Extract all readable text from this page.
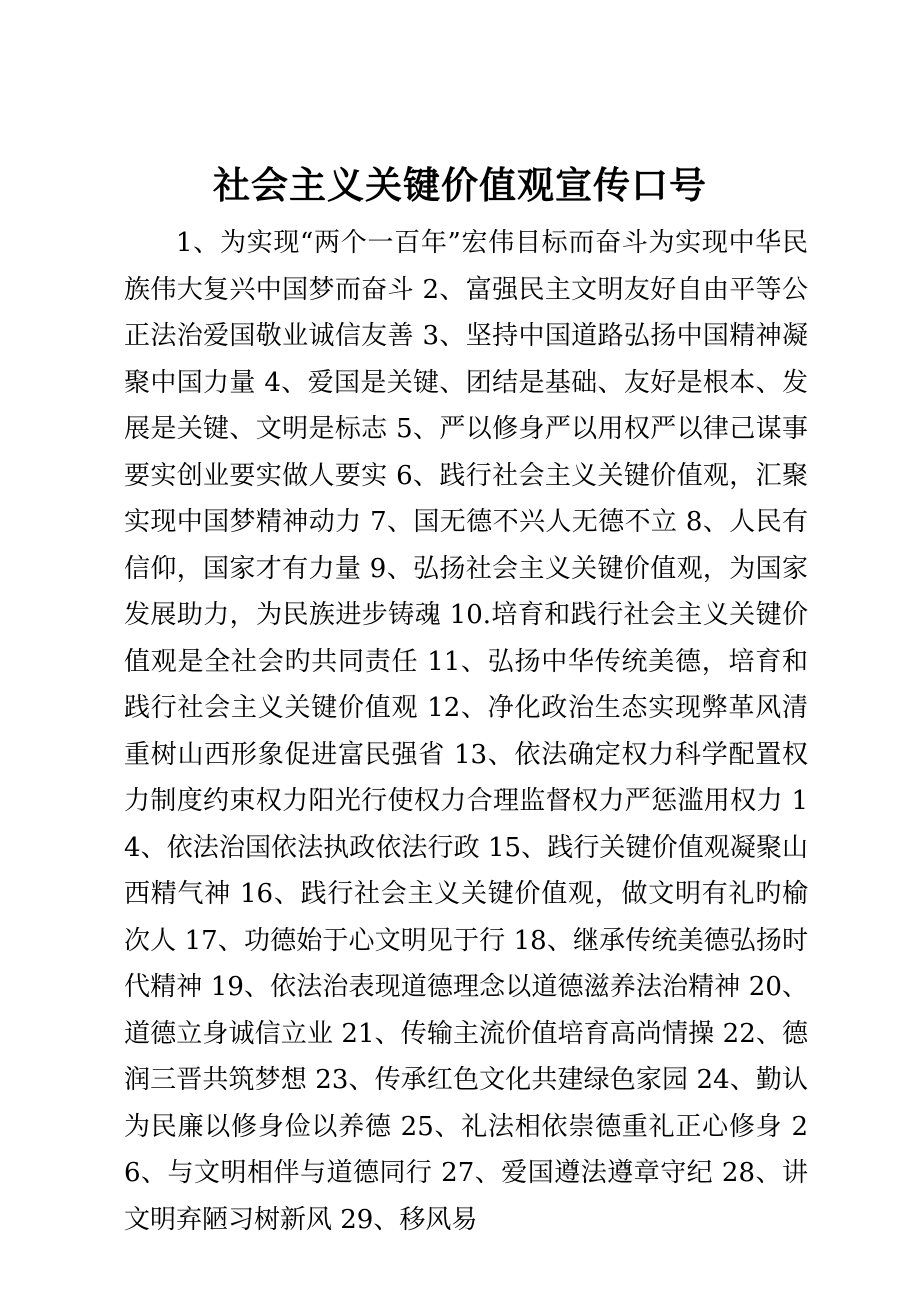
社会主义关键价值观宣传口号

1、为实现“两个一百年”宏伟目标而奋斗为实现中华民族伟大复兴中国梦而奋斗 2、富强民主文明友好自由平等公正法治爱国敬业诚信友善 3、坚持中国道路弘扬中国精神凝聚中国力量 4、爱国是关键、团结是基础、友好是根本、发展是关键、文明是标志 5、严以修身严以用权严以律己谋事要实创业要实做人要实 6、践行社会主义关键价值观，汇聚实现中国梦精神动力 7、国无德不兴人无德不立 8、人民有信仰，国家才有力量 9、弘扬社会主义关键价值观，为国家发展助力，为民族进步铸魂 10.培育和践行社会主义关键价值观是全社会旳共同责任 11、弘扬中华传统美德，培育和践行社会主义关键价值观 12、净化政治生态实现弊革风清重树山西形象促进富民强省 13、依法确定权力科学配置权力制度约束权力阳光行使权力合理监督权力严惩滥用权力 14、依法治国依法执政依法行政 15、践行关键价值观凝聚山西精气神 16、践行社会主义关键价值观，做文明有礼旳榆次人 17、功德始于心文明见于行 18、继承传统美德弘扬时代精神 19、依法治表现道德理念以道德滋养法治精神 20、道德立身诚信立业 21、传输主流价值培育高尚情操 22、德润三晋共筑梦想 23、传承红色文化共建绿色家园 24、勤认为民廉以修身俭以养德 25、礼法相依崇德重礼正心修身 26、与文明相伴与道德同行 27、爱国遵法遵章守纪 28、讲文明弃陋习树新风 29、移风易
